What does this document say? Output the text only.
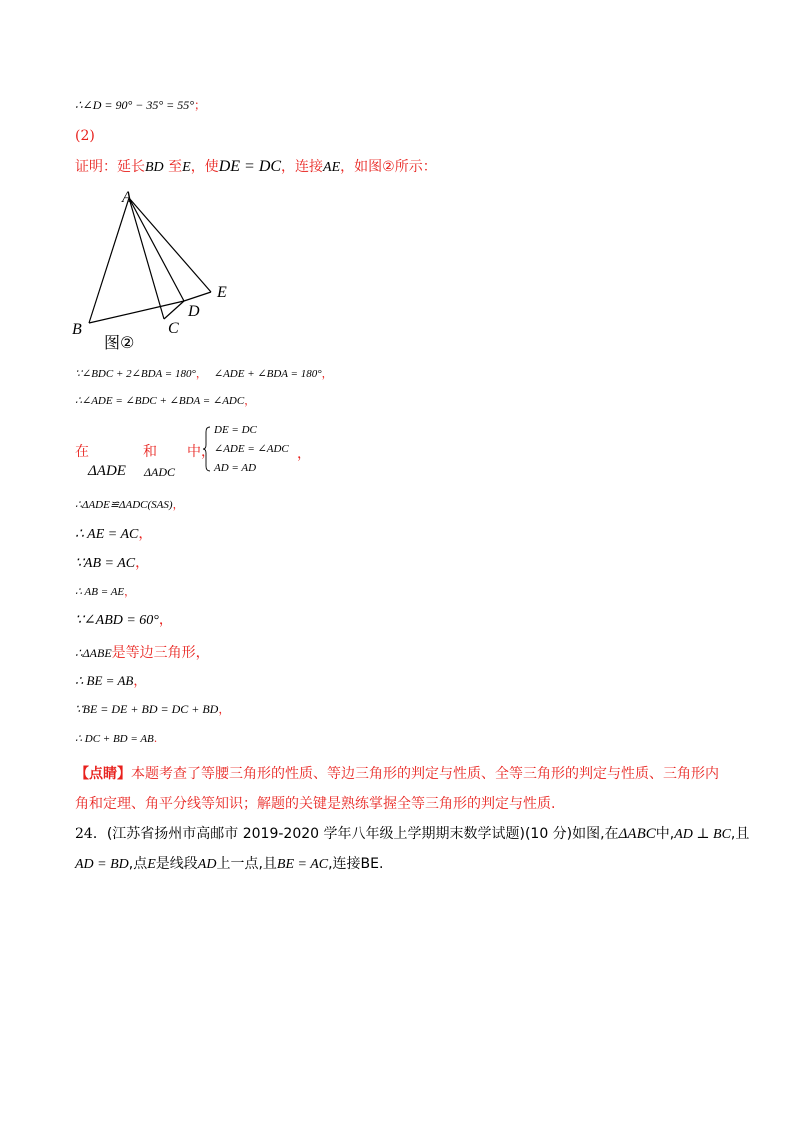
∴∠D = 90° − 35° = 55°；
(2)
证明：延长BD 至E，使DE = DC，连接AE，如图②所示：
A
B	C
D
E
图②
∵∠BDC + 2∠BDA = 180°， ∠ADE + ∠BDA = 180°，
∴∠ADE = ∠BDC + ∠BDA = ∠ADC，
在	和 中，
ΔADE ΔADC
DE = DC
∠ADE = ∠ADC
AD = AD
，
∴ΔADE≌ΔADC(SAS)，
∴ AE = AC，
∵AB = AC，
∴ AB = AE，
∵∠ABD = 60°，
∴ΔABE是等边三角形，
∴ BE = AB，
∵BE = DE + BD = DC + BD，
∴ DC + BD = AB.
【点睛】本题考查了等腰三角形的性质、等边三角形的判定与性质、全等三角形的判定与性质、三角形内
角和定理、角平分线等知识；解题的关键是熟练掌握全等三角形的判定与性质.
24．(江苏省扬州市高邮市 2019-2020 学年八年级上学期期末数学试题)(10 分)如图,在ΔABC中,AD ⊥ BC,且
AD = BD,点E是线段AD上一点,且BE = AC,连接BE.
